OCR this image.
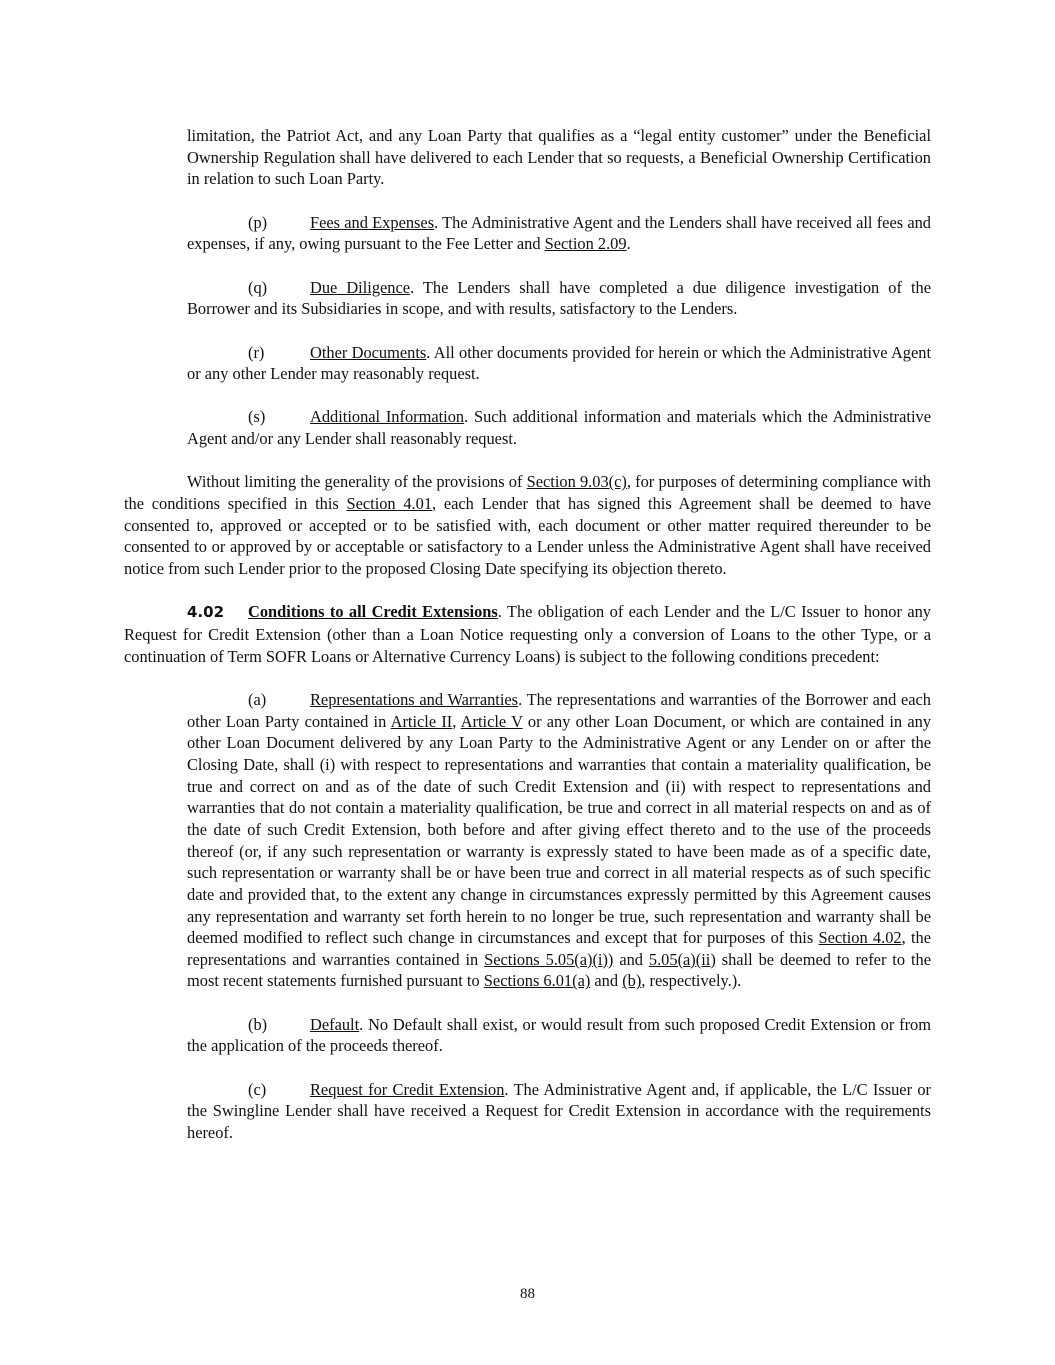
limitation, the Patriot Act, and any Loan Party that qualifies as a “legal entity customer” under the Beneficial Ownership Regulation shall have delivered to each Lender that so requests, a Beneficial Ownership Certification in relation to such Loan Party.

(p)	Fees and Expenses. The Administrative Agent and the Lenders shall have received all fees and expenses, if any, owing pursuant to the Fee Letter and Section 2.09.

(q)	Due Diligence. The Lenders shall have completed a due diligence investigation of the Borrower and its Subsidiaries in scope, and with results, satisfactory to the Lenders.

(r)	Other Documents. All other documents provided for herein or which the Administrative Agent or any other Lender may reasonably request.

(s)	Additional Information. Such additional information and materials which the Administrative Agent and/or any Lender shall reasonably request.

Without limiting the generality of the provisions of Section 9.03(c), for purposes of determining compliance with the conditions specified in this Section 4.01, each Lender that has signed this Agreement shall be deemed to have consented to, approved or accepted or to be satisfied with, each document or other matter required thereunder to be consented to or approved by or acceptable or satisfactory to a Lender unless the Administrative Agent shall have received notice from such Lender prior to the proposed Closing Date specifying its objection thereto.

4.02 Conditions to all Credit Extensions. The obligation of each Lender and the L/C Issuer to honor any Request for Credit Extension (other than a Loan Notice requesting only a conversion of Loans to the other Type, or a continuation of Term SOFR Loans or Alternative Currency Loans) is subject to the following conditions precedent:

(a)	Representations and Warranties. The representations and warranties of the Borrower and each other Loan Party contained in Article II, Article V or any other Loan Document, or which are contained in any other Loan Document delivered by any Loan Party to the Administrative Agent or any Lender on or after the Closing Date, shall (i) with respect to representations and warranties that contain a materiality qualification, be true and correct on and as of the date of such Credit Extension and (ii) with respect to representations and warranties that do not contain a materiality qualification, be true and correct in all material respects on and as of the date of such Credit Extension, both before and after giving effect thereto and to the use of the proceeds thereof (or, if any such representation or warranty is expressly stated to have been made as of a specific date, such representation or warranty shall be or have been true and correct in all material respects as of such specific date and provided that, to the extent any change in circumstances expressly permitted by this Agreement causes any representation and warranty set forth herein to no longer be true, such representation and warranty shall be deemed modified to reflect such change in circumstances and except that for purposes of this Section 4.02, the representations and warranties contained in Sections 5.05(a)(i)) and 5.05(a)(ii) shall be deemed to refer to the most recent statements furnished pursuant to Sections 6.01(a) and (b), respectively.).

(b)	Default. No Default shall exist, or would result from such proposed Credit Extension or from the application of the proceeds thereof.

(c)	Request for Credit Extension. The Administrative Agent and, if applicable, the L/C Issuer or the Swingline Lender shall have received a Request for Credit Extension in accordance with the requirements hereof.

88
